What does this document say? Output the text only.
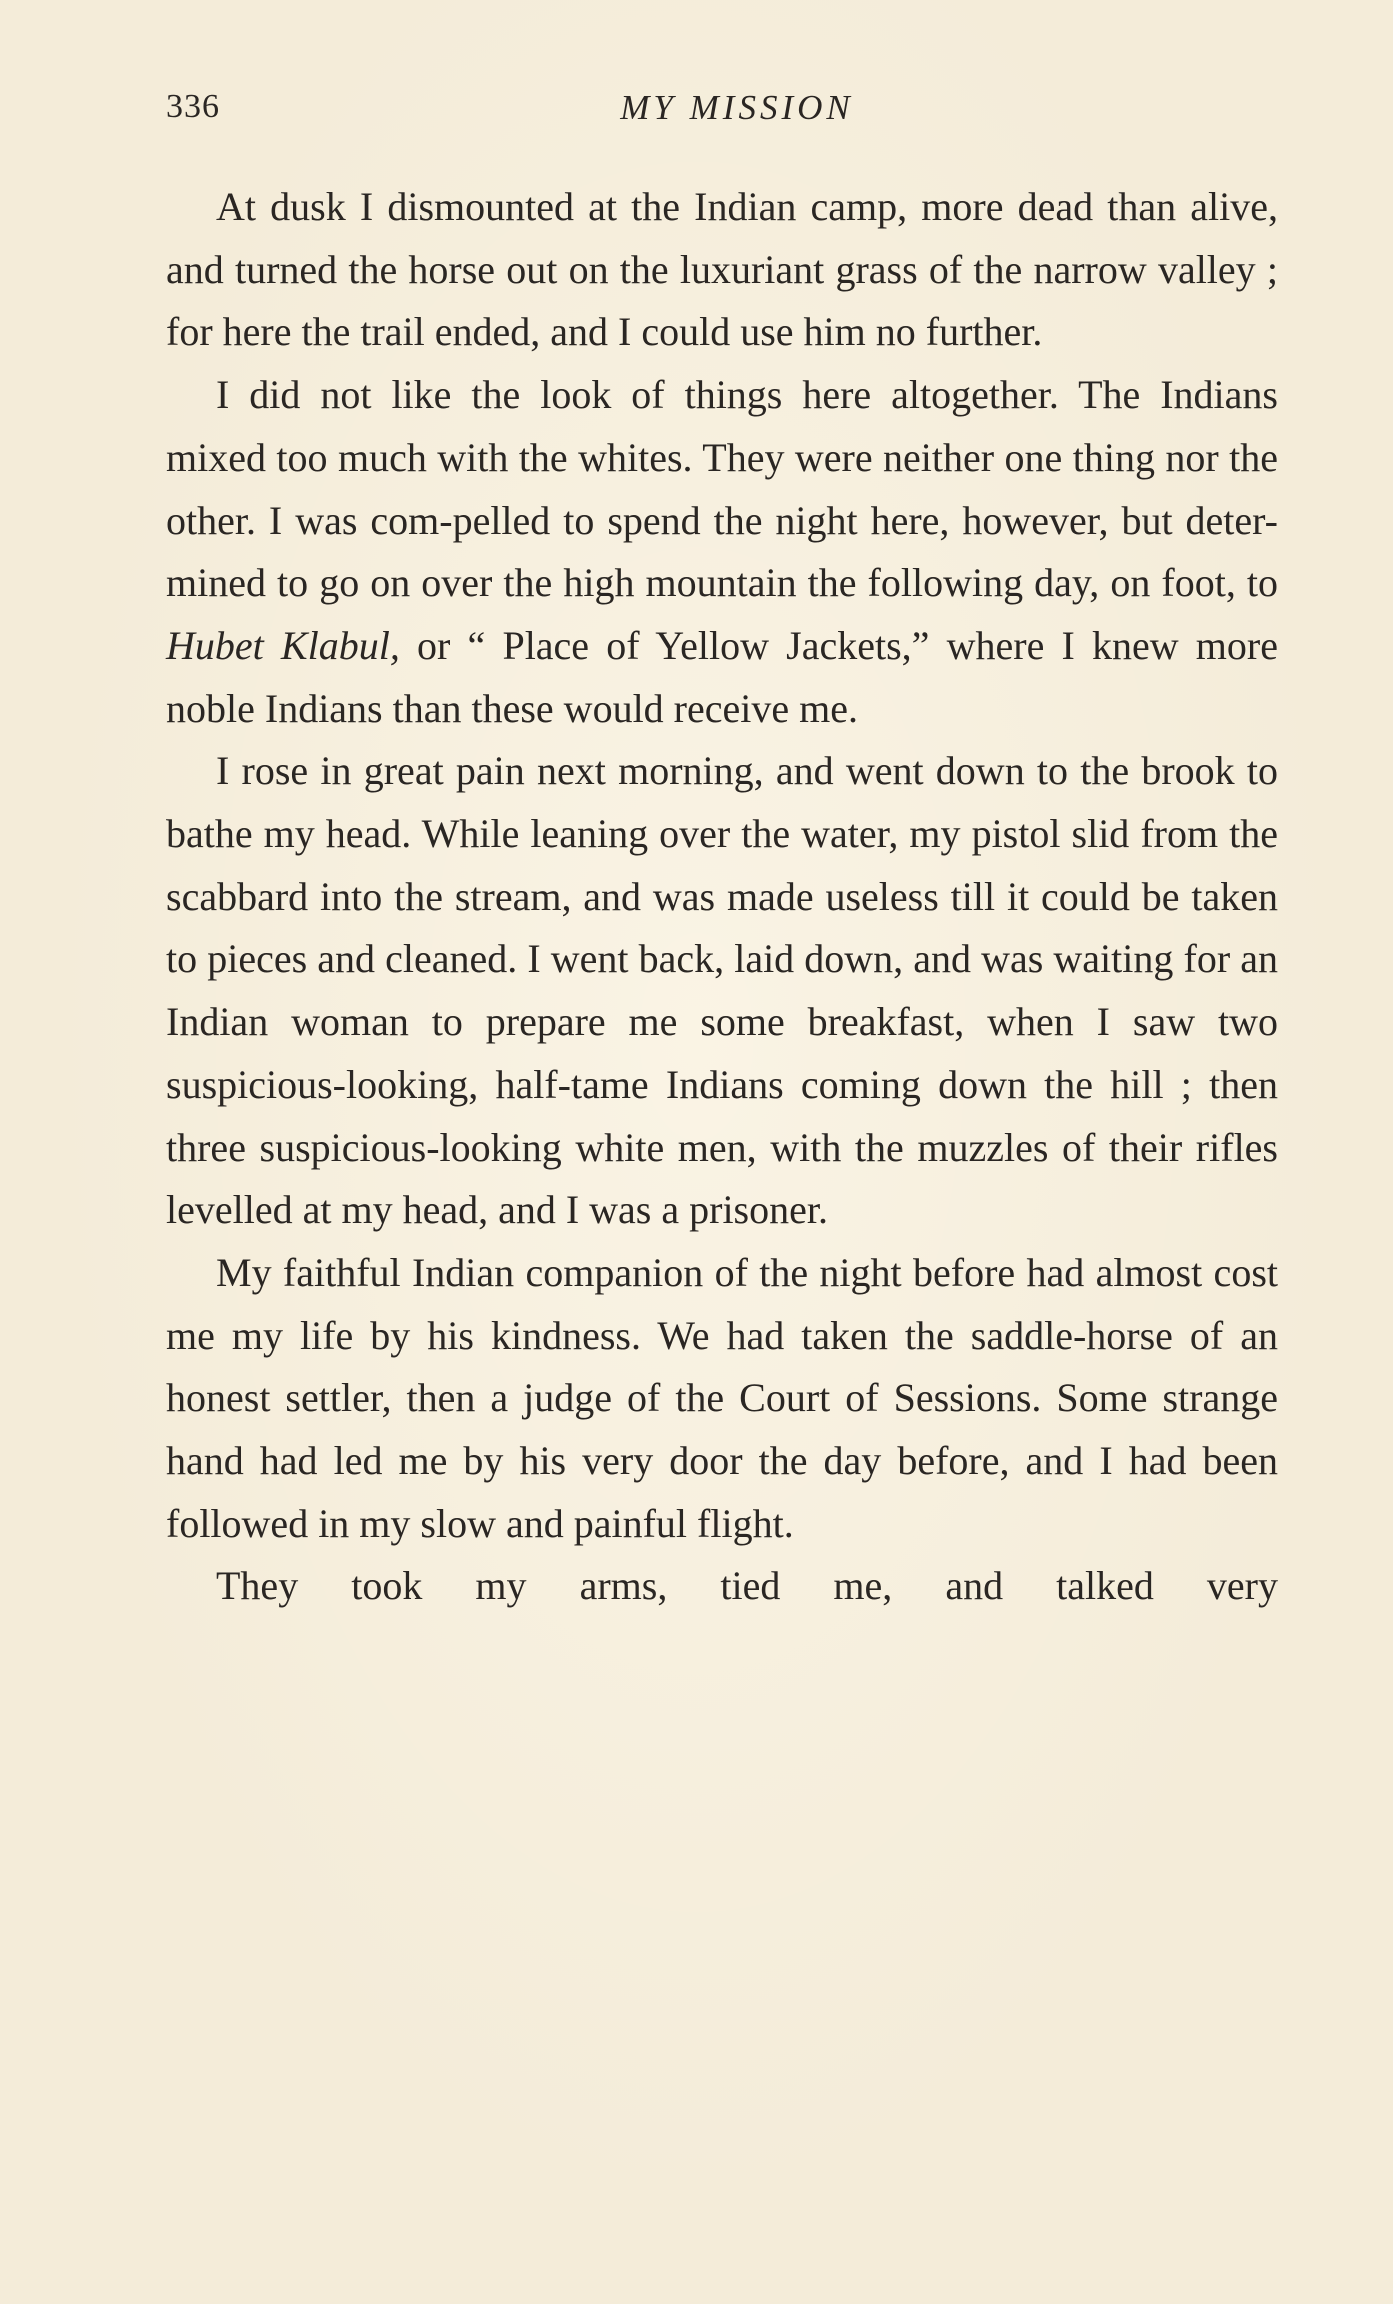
336	MY MISSION

At dusk I dismounted at the Indian camp, more dead than alive, and turned the horse out on the luxuriant grass of the narrow valley ; for here the trail ended, and I could use him no further.

I did not like the look of things here altogether. The Indians mixed too much with the whites. They were neither one thing nor the other. I was com-pelled to spend the night here, however, but deter-mined to go on over the high mountain the following day, on foot, to Hubet Klabul, or “ Place of Yellow Jackets,” where I knew more noble Indians than these would receive me.

I rose in great pain next morning, and went down to the brook to bathe my head. While leaning over the water, my pistol slid from the scabbard into the stream, and was made useless till it could be taken to pieces and cleaned. I went back, laid down, and was waiting for an Indian woman to prepare me some breakfast, when I saw two suspicious-looking, half-tame Indians coming down the hill ; then three suspicious-looking white men, with the muzzles of their rifles levelled at my head, and I was a prisoner.

My faithful Indian companion of the night before had almost cost me my life by his kindness. We had taken the saddle-horse of an honest settler, then a judge of the Court of Sessions. Some strange hand had led me by his very door the day before, and I had been followed in my slow and painful flight.

They took my arms, tied me, and talked very
